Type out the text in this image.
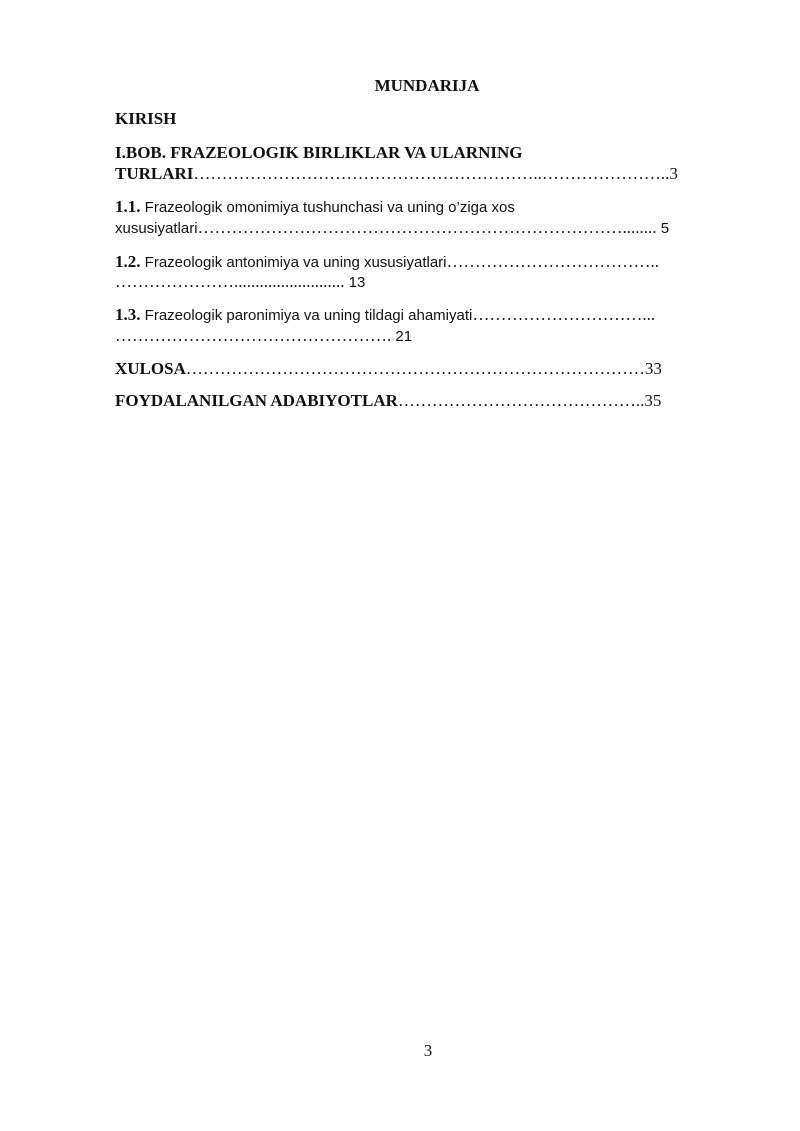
MUNDARIJA
KIRISH
I.BOB. FRAZEOLOGIK BIRLIKLAR VA ULARNING
TURLARI……………………………………………………..…………………..3
1.1. Frazeologik omonimiya tushunchasi va uning o’ziga xos
xususiyatlari…………………………………………………………………........ 5
1.2. Frazeologik antonimiya va uning xususiyatlari………………………………..
………………….......................... 13
1.3. Frazeologik paronimiya va uning tildagi ahamiyati…………………………...
…………………………………………. 21
XULOSA………………………………………………………………………33
FOYDALANILGAN ADABIYOTLAR……………………………………..35
3
